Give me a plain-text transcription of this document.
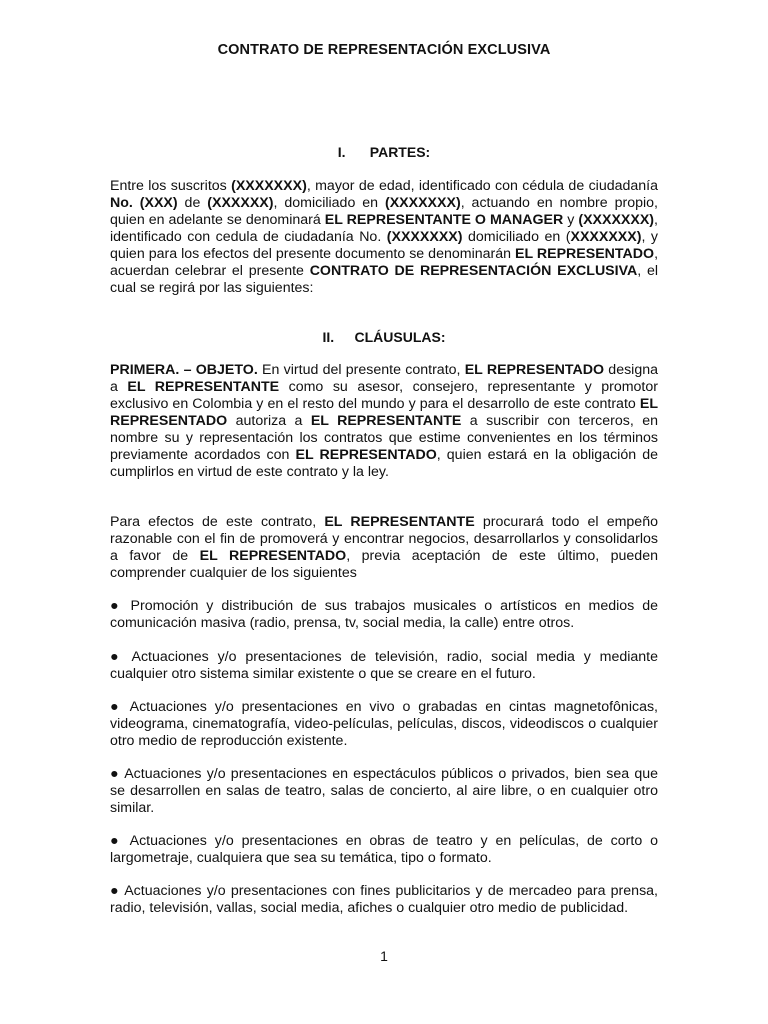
CONTRATO DE REPRESENTACIÓN EXCLUSIVA
I. PARTES:
Entre los suscritos (XXXXXXX), mayor de edad, identificado con cédula de ciudadanía No. (XXX) de (XXXXXX), domiciliado en (XXXXXXX), actuando en nombre propio, quien en adelante se denominará EL REPRESENTANTE O MANAGER y (XXXXXXX), identificado con cedula de ciudadanía No. (XXXXXXX) domiciliado en (XXXXXXX), y quien para los efectos del presente documento se denominarán EL REPRESENTADO, acuerdan celebrar el presente CONTRATO DE REPRESENTACIÓN EXCLUSIVA, el cual se regirá por las siguientes:
II. CLÁUSULAS:
PRIMERA. – OBJETO. En virtud del presente contrato, EL REPRESENTADO designa a EL REPRESENTANTE como su asesor, consejero, representante y promotor exclusivo en Colombia y en el resto del mundo y para el desarrollo de este contrato EL REPRESENTADO autoriza a EL REPRESENTANTE a suscribir con terceros, en nombre su y representación los contratos que estime convenientes en los términos previamente acordados con EL REPRESENTADO, quien estará en la obligación de cumplirlos en virtud de este contrato y la ley.
Para efectos de este contrato, EL REPRESENTANTE procurará todo el empeño razonable con el fin de promoverá y encontrar negocios, desarrollarlos y consolidarlos a favor de EL REPRESENTADO, previa aceptación de este último, pueden comprender cualquier de los siguientes
● Promoción y distribución de sus trabajos musicales o artísticos en medios de comunicación masiva (radio, prensa, tv, social media, la calle) entre otros.
● Actuaciones y/o presentaciones de televisión, radio, social media y mediante cualquier otro sistema similar existente o que se creare en el futuro.
● Actuaciones y/o presentaciones en vivo o grabadas en cintas magnetofônicas, videograma, cinematografía, video-películas, películas, discos, videodiscos o cualquier otro medio de reproducción existente.
● Actuaciones y/o presentaciones en espectáculos públicos o privados, bien sea que se desarrollen en salas de teatro, salas de concierto, al aire libre, o en cualquier otro similar.
● Actuaciones y/o presentaciones en obras de teatro y en películas, de corto o largometraje, cualquiera que sea su temática, tipo o formato.
● Actuaciones y/o presentaciones con fines publicitarios y de mercadeo para prensa, radio, televisión, vallas, social media, afiches o cualquier otro medio de publicidad.
1
